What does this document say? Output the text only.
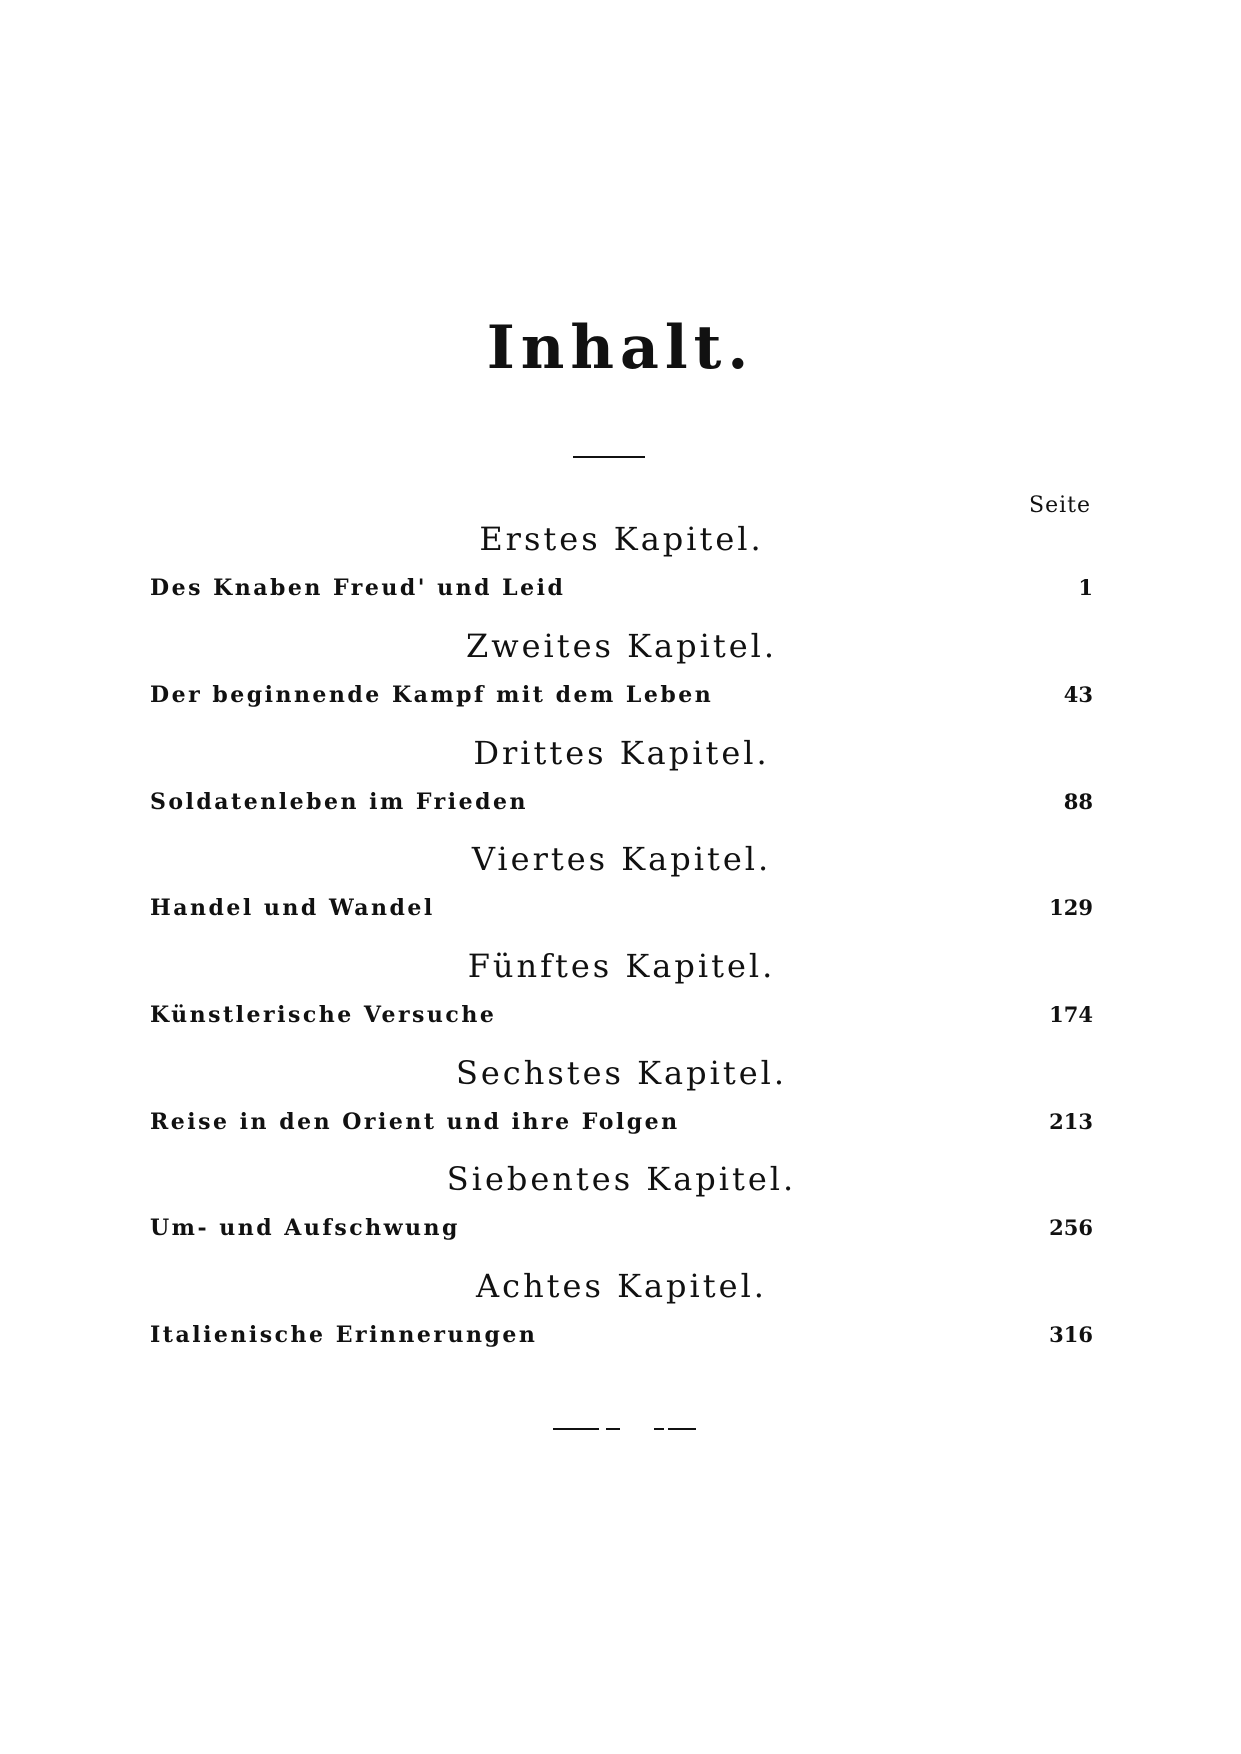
Inhalt.
Seite
Erstes Kapitel.
Des Knaben Freud' und Leid	1
Zweites Kapitel.
Der beginnende Kampf mit dem Leben	43
Drittes Kapitel.
Soldatenleben im Frieden	88
Viertes Kapitel.
Handel und Wandel	129
Fünftes Kapitel.
Künstlerische Versuche	174
Sechstes Kapitel.
Reise in den Orient und ihre Folgen	213
Siebentes Kapitel.
Um- und Aufschwung	256
Achtes Kapitel.
Italienische Erinnerungen	316
